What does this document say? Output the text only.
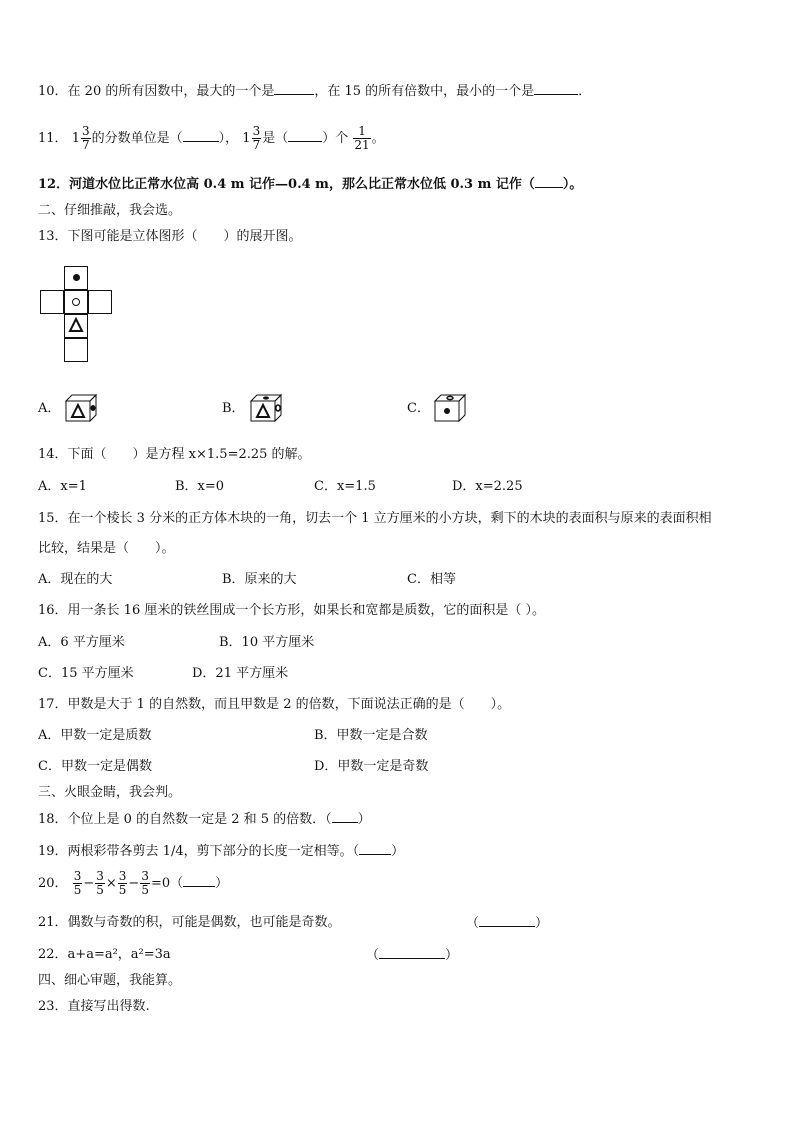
10．在 20 的所有因数中，最大的一个是	，在 15 的所有倍数中，最小的一个是	．
11． $1 \frac{3}{7}$ 的分数单位是（	）， $1 \frac{3}{7}$ 是（	）个 $\frac{1}{21}$ 。
12．河道水位比正常水位高 0.4 m 记作—0.4 m，那么比正常水位低 0.3 m 记作（ ）。
二、仔细推敲，我会选。
13．下图可能是立体图形（　　）的展开图。
A．	B．	C．
14．下面（　　）是方程 x×1.5=2.25 的解。
A．x=1	B．x=0	C．x=1.5	D．x=2.25
15．在一个棱长 3 分米的正方体木块的一角，切去一个 1 立方厘米的小方块，剩下的木块的表面积与原来的表面积相
比较，结果是（　　）。
A．现在的大	B．原来的大	C．相等
16．用一条长 16 厘米的铁丝围成一个长方形，如果长和宽都是质数，它的面积是（ ）。
A．6 平方厘米	B．10 平方厘米
C．15 平方厘米	D．21 平方厘米
17．甲数是大于 1 的自然数，而且甲数是 2 的倍数，下面说法正确的是（　　）。
A．甲数一定是质数	B．甲数一定是合数
C．甲数一定是偶数	D．甲数一定是奇数
三、火眼金睛，我会判。
18．个位上是 0 的自然数一定是 2 和 5 的倍数．（ ）
19．两根彩带各剪去 1/4，剪下部分的长度一定相等。（ ）
20． $\frac{3}{5} - \frac{3}{5} \times \frac{3}{5} - \frac{3}{5} =0$（ ）
21．偶数与奇数的积，可能是偶数，也可能是奇数。	（	）
22．a+a=a²，a²=3a	（	）
四、细心审题，我能算。
23．直接写出得数.
